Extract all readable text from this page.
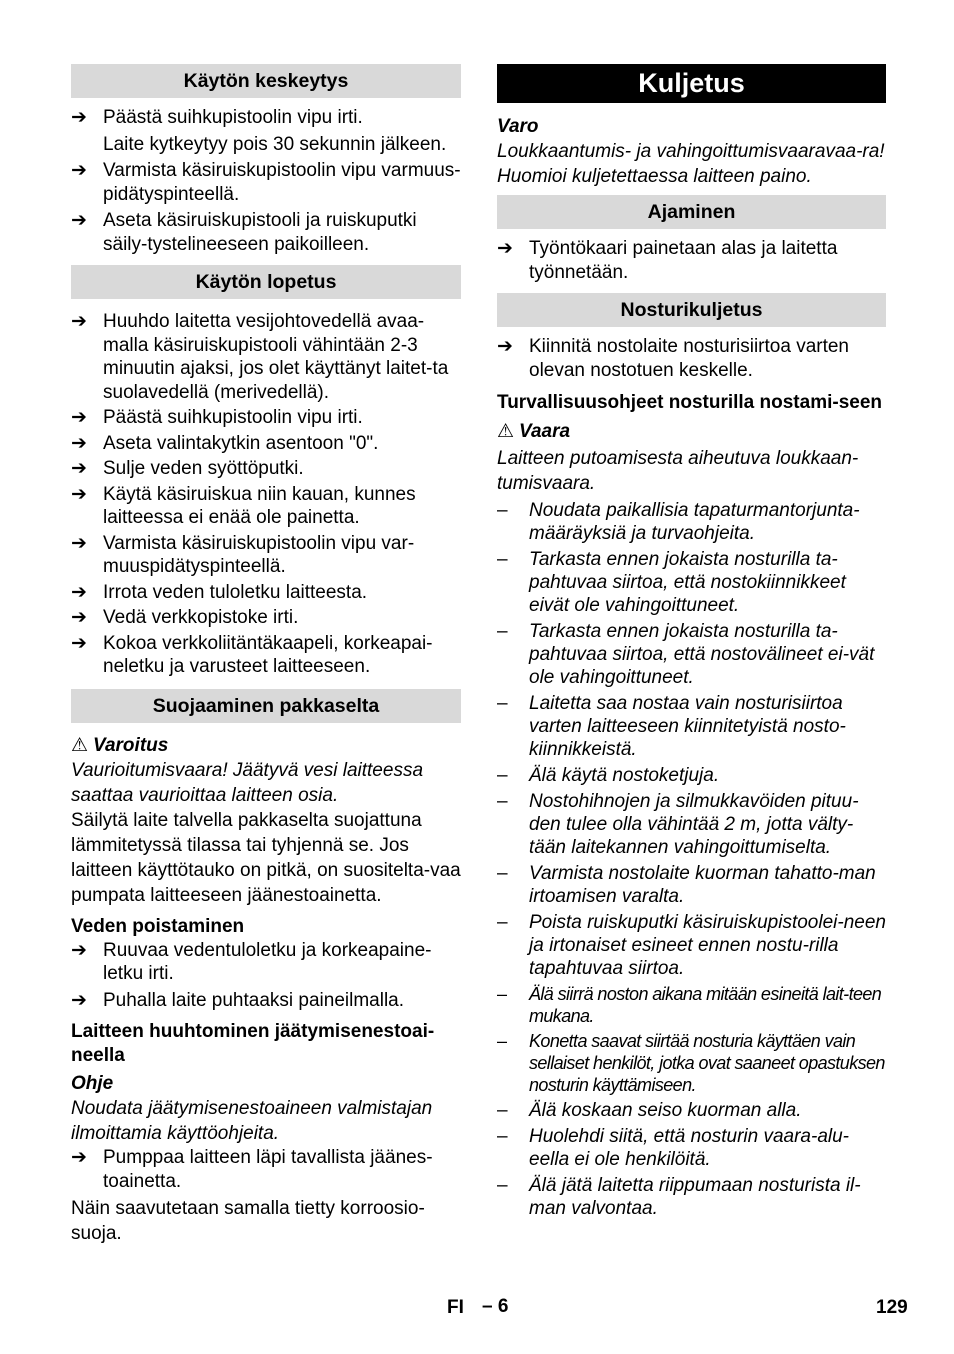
Käytön keskeytys
➔ Päästä suihkupistoolin vipu irti.
Laite kytkeytyy pois 30 sekunnin jälkeen.
➔ Varmista käsiruiskupistoolin vipu varmuus-pidätyspinteellä.
➔ Aseta käsiruiskupistooli ja ruiskuputki säily-tystelineeseen paikoilleen.
Käytön lopetus
➔ Huuhdo laitetta vesijohtovedellä avaa-malla käsiruiskupistooli vähintään 2-3 minuutin ajaksi, jos olet käyttänyt laitet-ta suolavedellä (merivedellä).
➔ Päästä suihkupistoolin vipu irti.
➔ Aseta valintakytkin asentoon "0".
➔ Sulje veden syöttöputki.
➔ Käytä käsiruiskua niin kauan, kunnes laitteessa ei enää ole painetta.
➔ Varmista käsiruiskupistoolin vipu var-muuspidätyspinteellä.
➔ Irrota veden tuloletku laitteesta.
➔ Vedä verkkopistoke irti.
➔ Kokoa verkkoliitäntäkaapeli, korkeapai-neletku ja varusteet laitteeseen.
Suojaaminen pakkaselta

⚠ Varoitus

Vaurioitumisvaara! Jäätyvä vesi laitteessa saattaa vaurioittaa laitteen osia.

Säilytä laite talvella pakkaselta suojattuna lämmitetyssä tilassa tai tyhjennä se. Jos laitteen käyttötauko on pitkä, on suositelta-vaa pumpata laitteeseen jäänestoainetta.

Veden poistaminen

➔ Ruuvaa vedentuloletku ja korkeapaine-letku irti.
➔ Puhalla laite puhtaaksi paineilmalla.

Laitteen huuhtominen jäätymisenestoai-neella

Ohje

Noudata jäätymisenestoaineen valmistajan ilmoittamia käyttöohjeita.

➔ Pumppaa laitteen läpi tavallista jäänes-toainetta.

Näin saavutetaan samalla tietty korroosio-suoja.

Kuljetus

Varo

Loukkaantumis- ja vahingoittumisvaaravaa-ra! Huomioi kuljetettaessa laitteen paino.

Ajaminen
➔ Työntökaari painetaan alas ja laitetta työnnetään.
Nosturikuljetus
➔ Kiinnitä nostolaite nosturisiirtoa varten olevan nostotuen keskelle.

Turvallisuusohjeet nosturilla nostami-seen

⚠ Vaara

Laitteen putoamisesta aiheutuva loukkaan-tumisvaara.

– Noudata paikallisia tapaturmantorjunta-määräyksiä ja turvaohjeita.
– Tarkasta ennen jokaista nosturilla ta-pahtuvaa siirtoa, että nostokiinnikkeet eivät ole vahingoittuneet.
– Tarkasta ennen jokaista nosturilla ta-pahtuvaa siirtoa, että nostovälineet ei-vät ole vahingoittuneet.
– Laitetta saa nostaa vain nosturisiirtoa varten laitteeseen kiinnitetyistä nosto-kiinnikkeistä.
– Älä käytä nostoketjuja.
– Nostohihnojen ja silmukkavöiden pituu-den tulee olla vähintää 2 m, jotta välty-tään laitekannen vahingoittumiselta.
– Varmista nostolaite kuorman tahatto-man irtoamisen varalta.
– Poista ruiskuputki käsiruiskupistoolei-neen ja irtonaiset esineet ennen nostu-rilla tapahtuvaa siirtoa.
– Älä siirrä noston aikana mitään esineitä lait-teen mukana.
– Konetta saavat siirtää nosturia käyttäen vain sellaiset henkilöt, jotka ovat saaneet opastuksen nosturin käyttämiseen.
– Älä koskaan seiso kuorman alla.
– Huolehdi siitä, että nosturin vaara-alu-eella ei ole henkilöitä.
– Älä jätä laitetta riippumaan nosturista il-man valvontaa.
FI – 6	129
